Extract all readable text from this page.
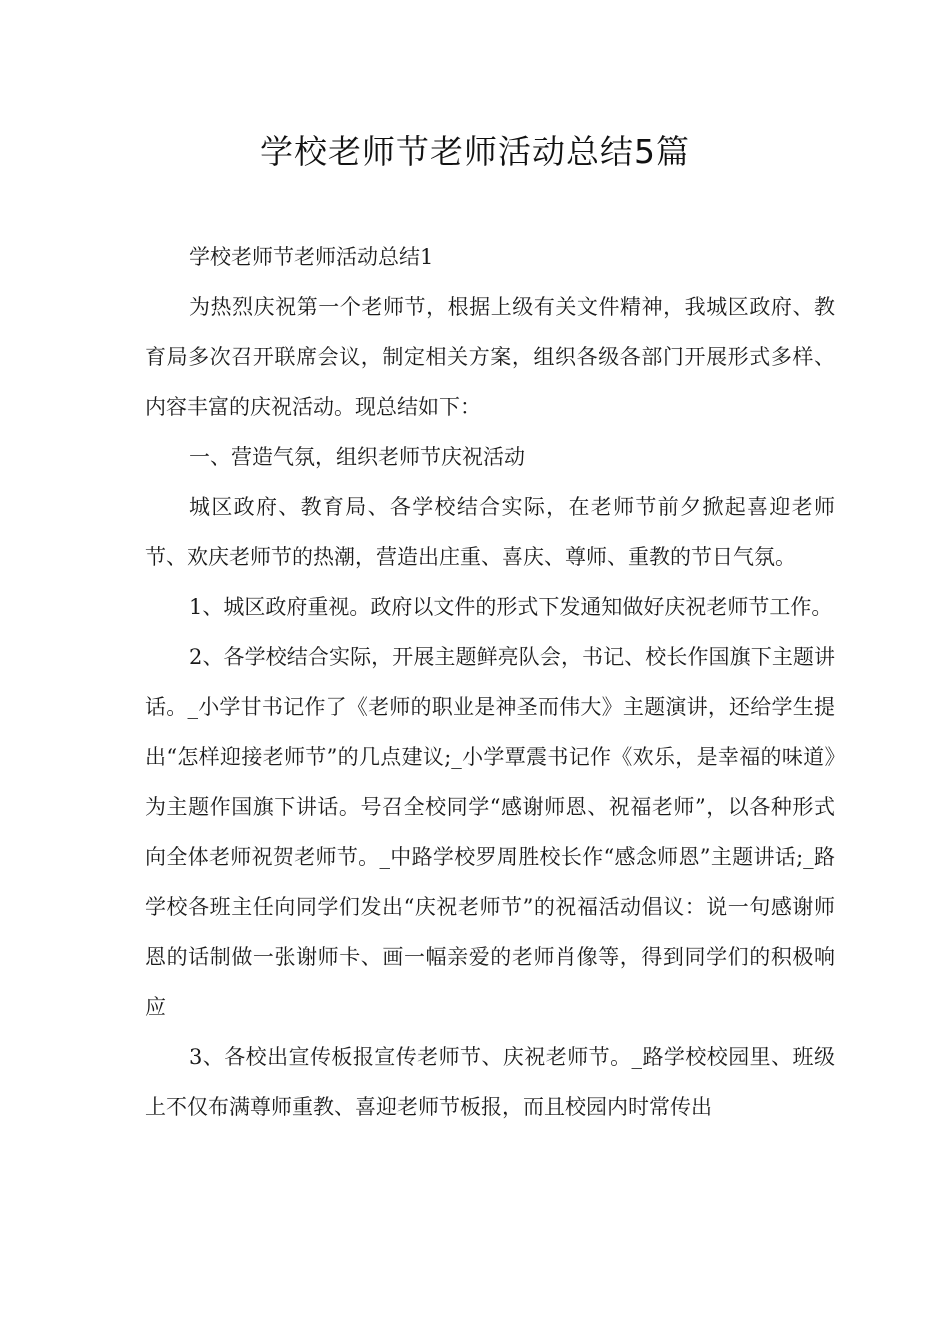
学校老师节老师活动总结5篇

学校老师节老师活动总结1

为热烈庆祝第一个老师节，根据上级有关文件精神，我城区政府、教育局多次召开联席会议，制定相关方案，组织各级各部门开展形式多样、内容丰富的庆祝活动。现总结如下：

一、营造气氛，组织老师节庆祝活动

城区政府、教育局、各学校结合实际，在老师节前夕掀起喜迎老师节、欢庆老师节的热潮，营造出庄重、喜庆、尊师、重教的节日气氛。

1、城区政府重视。政府以文件的形式下发通知做好庆祝老师节工作。

2、各学校结合实际，开展主题鲜亮队会，书记、校长作国旗下主题讲话。_小学甘书记作了《老师的职业是神圣而伟大》主题演讲，还给学生提出“怎样迎接老师节”的几点建议;_小学覃震书记作《欢乐，是幸福的味道》为主题作国旗下讲话。号召全校同学“感谢师恩、祝福老师”，以各种形式向全体老师祝贺老师节。_中路学校罗周胜校长作“感念师恩”主题讲话;_路学校各班主任向同学们发出“庆祝老师节”的祝福活动倡议：说一句感谢师恩的话制做一张谢师卡、画一幅亲爱的老师肖像等，得到同学们的积极响应

3、各校出宣传板报宣传老师节、庆祝老师节。_路学校校园里、班级上不仅布满尊师重教、喜迎老师节板报，而且校园内时常传出
